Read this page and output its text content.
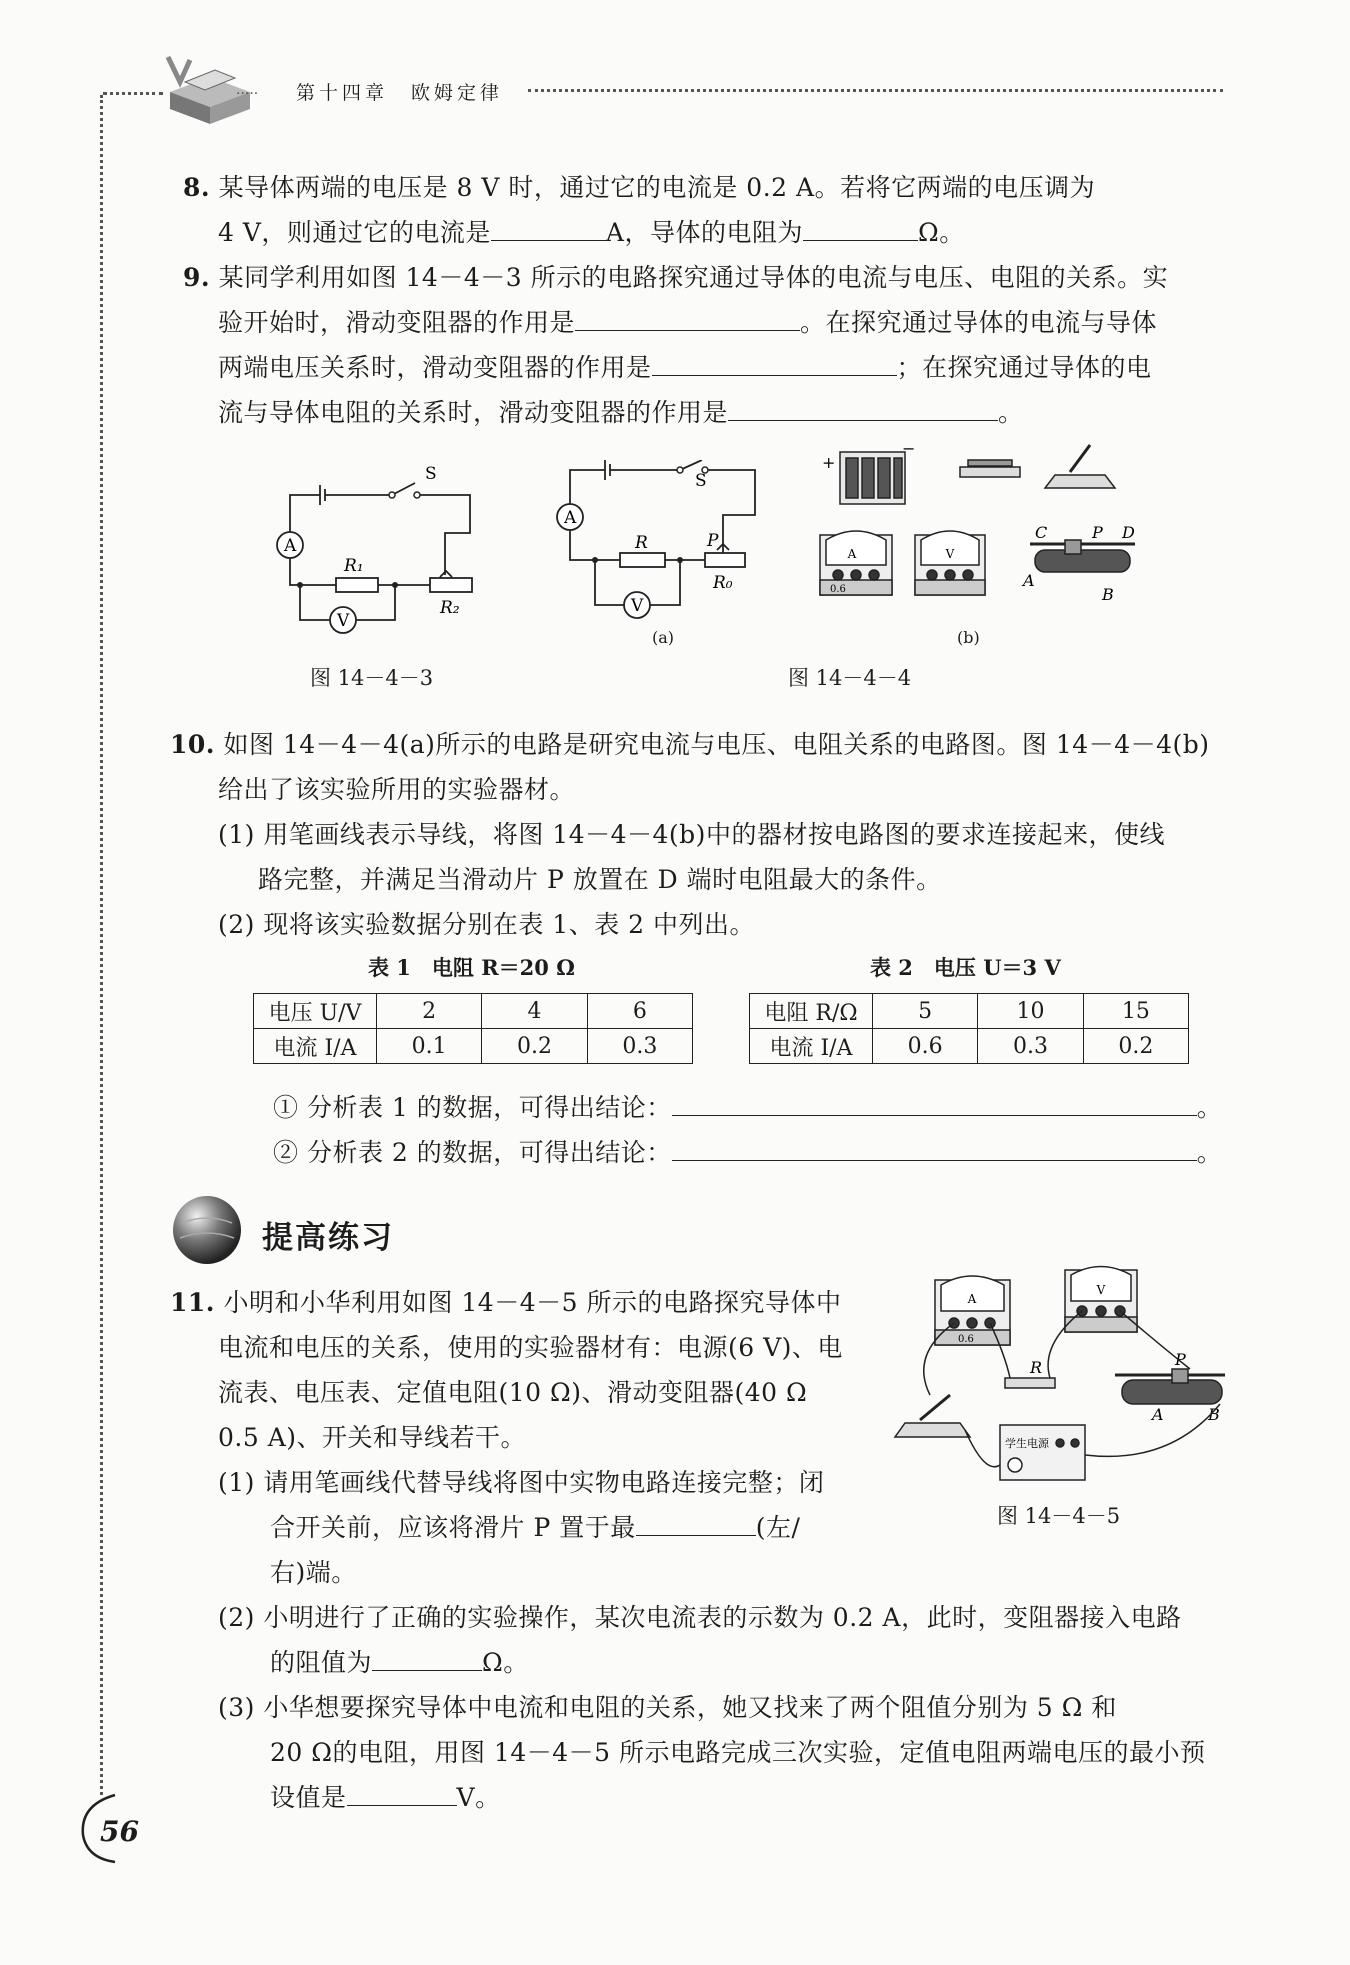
····· 第十四章　欧姆定律
8. 某导体两端的电压是 8 V 时，通过它的电流是 0.2 A。若将它两端的电压调为
4 V，则通过它的电流是	A，导体的电阻为	Ω。
9. 某同学利用如图 14－4－3 所示的电路探究通过导体的电流与电压、电阻的关系。实
验开始时，滑动变阻器的作用是	。在探究通过导体的电流与导体
两端电压关系时，滑动变阻器的作用是	；在探究通过导体的电
流与导体电阻的关系时，滑动变阻器的作用是	。
S
A
V
R₁
R₂
图 14－4－3
S
A
V
R	P
R₀
(a)
+
−
A
0.6
V
C	P D
A
B
(b)
图 14－4－4
10. 如图 14－4－4(a)所示的电路是研究电流与电压、电阻关系的电路图。图 14－4－4(b)
给出了该实验所用的实验器材。
(1) 用笔画线表示导线，将图 14－4－4(b)中的器材按电路图的要求连接起来，使线
路完整，并满足当滑动片 P 放置在 D 端时电阻最大的条件。
(2) 现将该实验数据分别在表 1、表 2 中列出。
表 1　电阻 R＝20 Ω	表 2　电压 U＝3 V
电压 U/V	2	4	6
电流 I/A	0.1	0.2	0.3
电阻 R/Ω	5	10	15
电流 I/A	0.6	0.3	0.2
① 分析表 1 的数据，可得出结论：	。
② 分析表 2 的数据，可得出结论：	。
提高练习
11. 小明和小华利用如图 14－4－5 所示的电路探究导体中
电流和电压的关系，使用的实验器材有：电源(6 V)、电
流表、电压表、定值电阻(10 Ω)、滑动变阻器(40 Ω
0.5 A)、开关和导线若干。
(1) 请用笔画线代替导线将图中实物电路连接完整；闭
合开关前，应该将滑片 P 置于最	(左/
右)端。
(2) 小明进行了正确的实验操作，某次电流表的示数为 0.2 A，此时，变阻器接入电路
的阻值为	Ω。
(3) 小华想要探究导体中电流和电阻的关系，她又找来了两个阻值分别为 5 Ω 和
20 Ω的电阻，用图 14－4－5 所示电路完成三次实验，定值电阻两端电压的最小预
设值是	V。
A
0.6
V
R	P
A	B
学生电源
图 14－4－5
56
